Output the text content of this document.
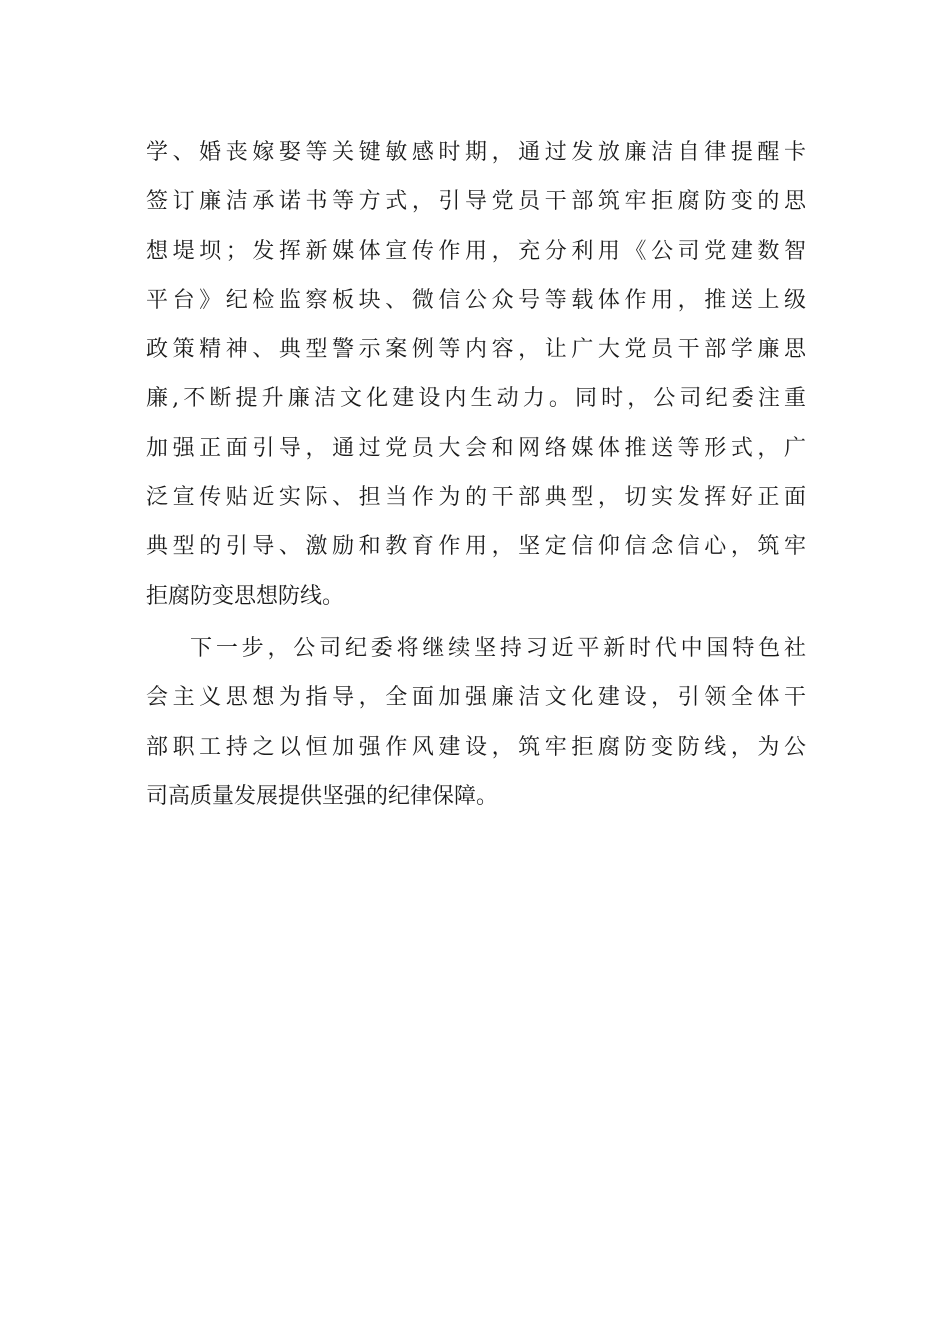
学、婚丧嫁娶等关键敏感时期，通过发放廉洁自律提醒卡
签订廉洁承诺书等方式，引导党员干部筑牢拒腐防变的思
想堤坝；发挥新媒体宣传作用，充分利用《公司党建数智
平台》纪检监察板块、微信公众号等载体作用，推送上级
政策精神、典型警示案例等内容，让广大党员干部学廉思
廉,不断提升廉洁文化建设内生动力。同时，公司纪委注重
加强正面引导，通过党员大会和网络媒体推送等形式，广
泛宣传贴近实际、担当作为的干部典型，切实发挥好正面
典型的引导、激励和教育作用，坚定信仰信念信心，筑牢
拒腐防变思想防线。
下一步，公司纪委将继续坚持习近平新时代中国特色社
会主义思想为指导，全面加强廉洁文化建设，引领全体干
部职工持之以恒加强作风建设，筑牢拒腐防变防线，为公
司高质量发展提供坚强的纪律保障。
